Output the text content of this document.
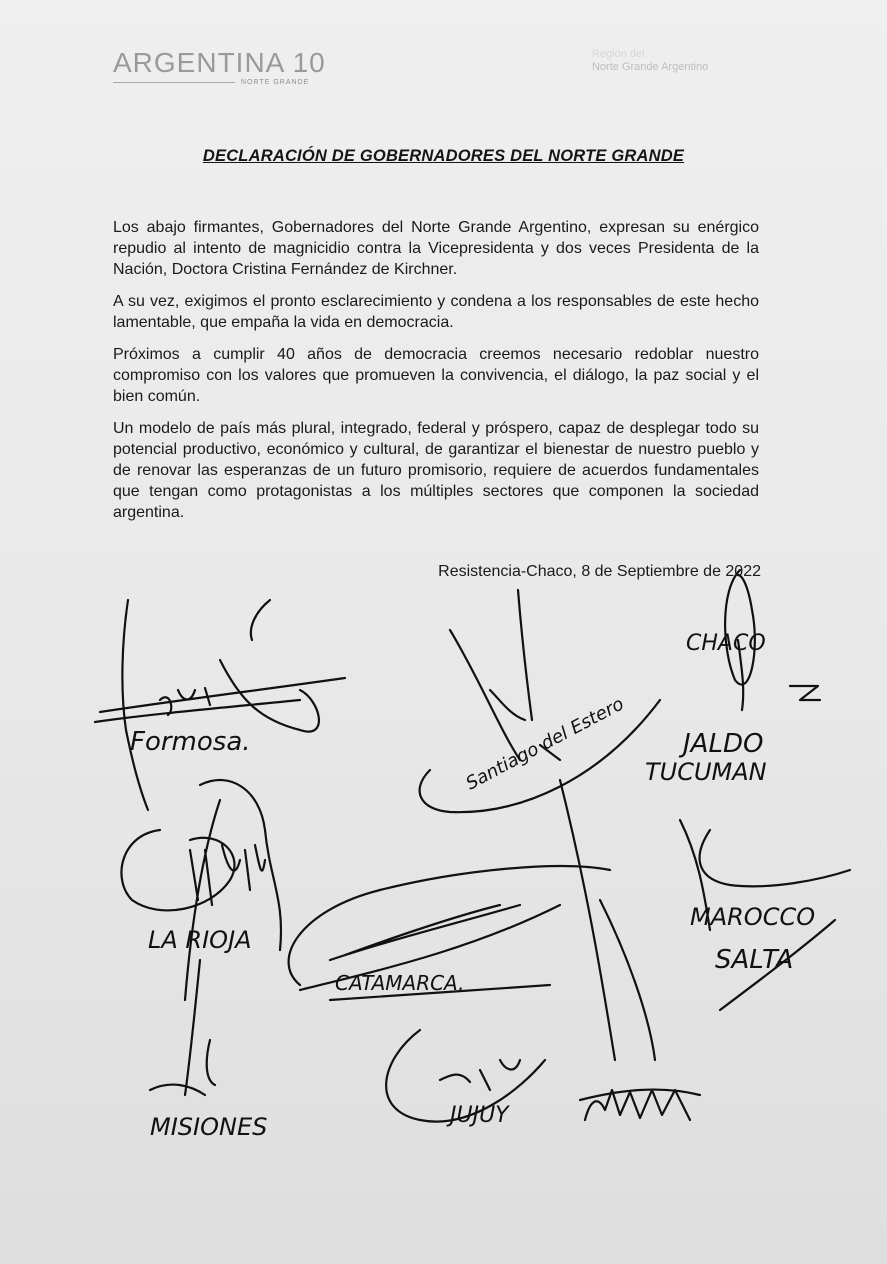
ARGENTINA 10
NORTE GRANDE
Región del
Norte Grande Argentino
DECLARACIÓN DE GOBERNADORES DEL NORTE GRANDE

Los abajo firmantes, Gobernadores del Norte Grande Argentino, expresan su enérgico repudio al intento de magnicidio contra la Vicepresidenta y dos veces Presidenta de la Nación, Doctora Cristina Fernández de Kirchner.

A su vez, exigimos el pronto esclarecimiento y condena a los responsables de este hecho lamentable, que empaña la vida en democracia.

Próximos a cumplir 40 años de democracia creemos necesario redoblar nuestro compromiso con los valores que promueven la convivencia, el diálogo, la paz social y el bien común.

Un modelo de país más plural, integrado, federal y próspero, capaz de desplegar todo su potencial productivo, económico y cultural, de garantizar el bienestar de nuestro pueblo y de renovar las esperanzas de un futuro promisorio, requiere de acuerdos fundamentales que tengan como protagonistas a los múltiples sectores que componen la sociedad argentina.

Resistencia-Chaco, 8 de Septiembre de 2022
Formosa.
LA RIOJA
MISIONES
CATAMARCA.
JUJUY
Santiago del Estero
CHACO
JALDO
TUCUMAN
MAROCCO
SALTA
